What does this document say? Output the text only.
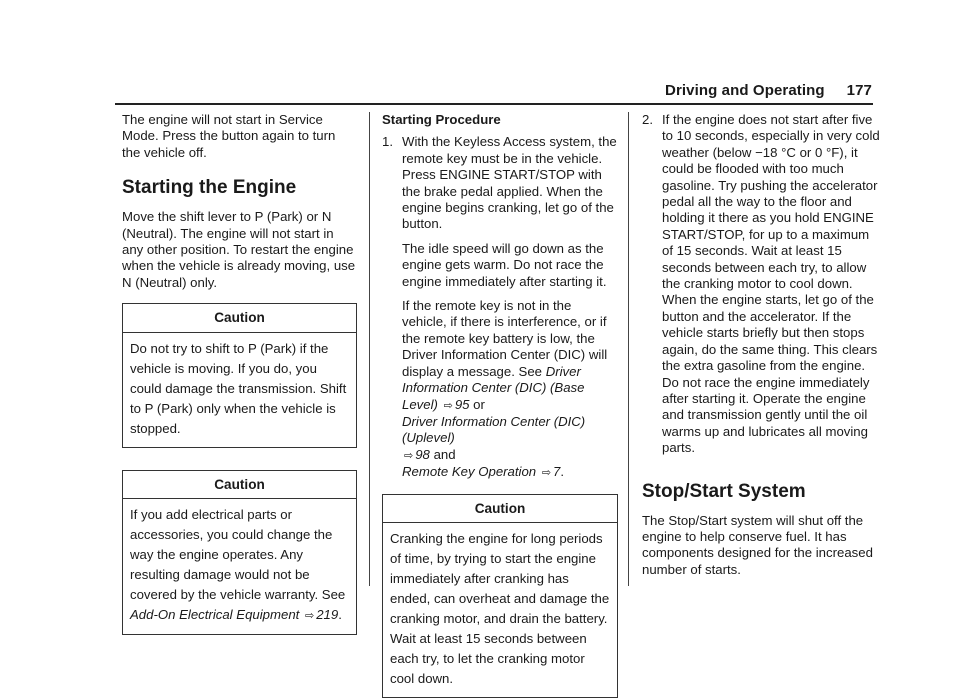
Driving and Operating 177

The engine will not start in Service Mode. Press the button again to turn the vehicle off.

Starting the Engine

Move the shift lever to P (Park) or N (Neutral). The engine will not start in any other position. To restart the engine when the vehicle is already moving, use N (Neutral) only.

Caution
Do not try to shift to P (Park) if the vehicle is moving. If you do, you could damage the transmission. Shift to P (Park) only when the vehicle is stopped.
Caution
If you add electrical parts or accessories, you could change the way the engine operates. Any resulting damage would not be covered by the vehicle warranty. See Add-On Electrical Equipment ⇨ 219.
Starting Procedure
1. With the Keyless Access system, the remote key must be in the vehicle. Press ENGINE START/STOP with the brake pedal applied. When the engine begins cranking, let go of the button.

The idle speed will go down as the engine gets warm. Do not race the engine immediately after starting it.

If the remote key is not in the vehicle, if there is interference, or if the remote key battery is low, the Driver Information Center (DIC) will display a message. See Driver Information Center (DIC) (Base Level) ⇨ 95 or
Driver Information Center (DIC) (Uplevel)
⇨ 98 and
Remote Key Operation ⇨ 7.

Caution
Cranking the engine for long periods of time, by trying to start the engine immediately after cranking has ended, can overheat and damage the cranking motor, and drain the battery. Wait at least 15 seconds between each try, to let the cranking motor cool down.
2. If the engine does not start after five to 10 seconds, especially in very cold weather (below −18 °C or 0 °F), it could be flooded with too much gasoline. Try pushing the accelerator pedal all the way to the floor and holding it there as you hold ENGINE START/STOP, for up to a maximum of 15 seconds. Wait at least 15 seconds between each try, to allow the cranking motor to cool down. When the engine starts, let go of the button and the accelerator. If the vehicle starts briefly but then stops again, do the same thing. This clears the extra gasoline from the engine. Do not race the engine immediately after starting it. Operate the engine and transmission gently until the oil warms up and lubricates all moving parts.

Stop/Start System

The Stop/Start system will shut off the engine to help conserve fuel. It has components designed for the increased number of starts.
